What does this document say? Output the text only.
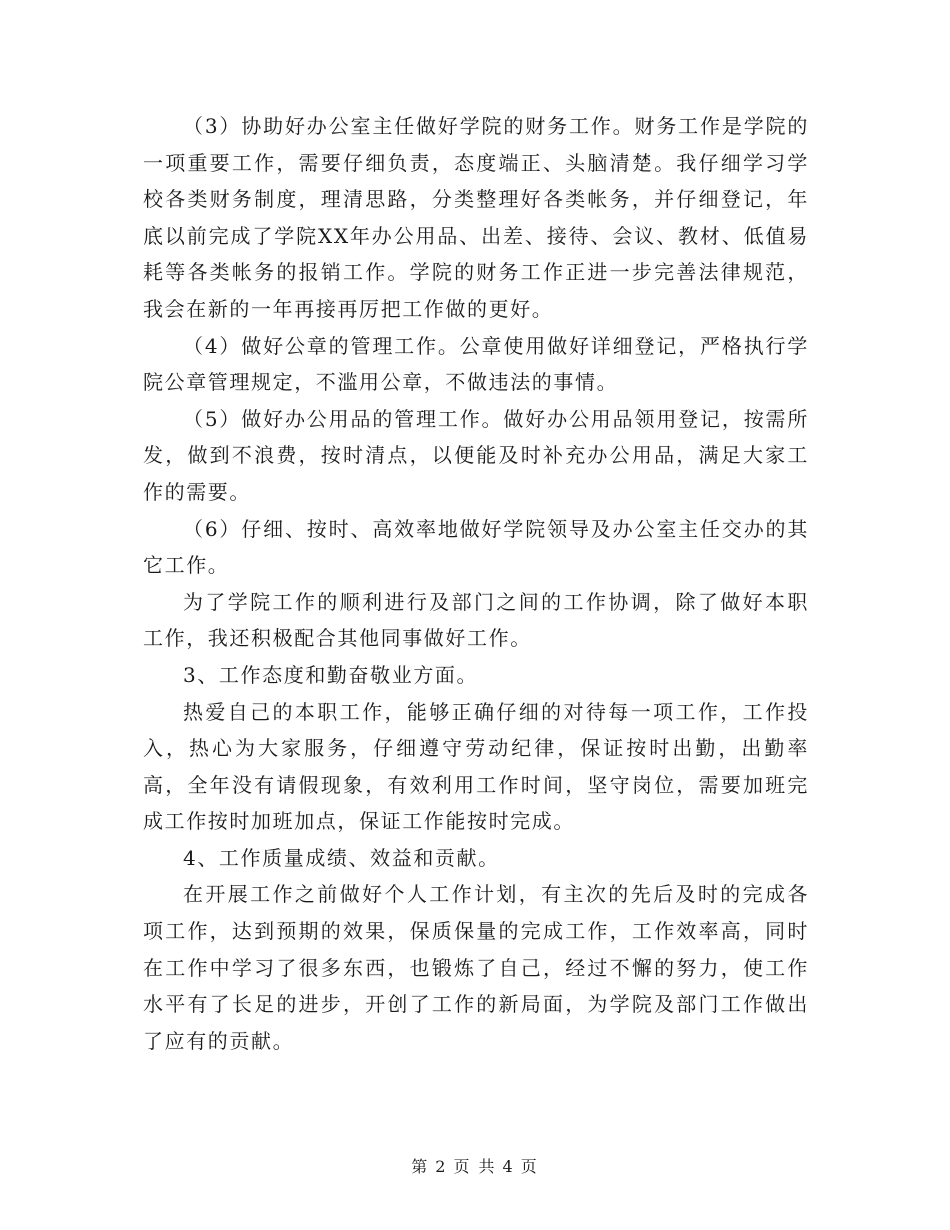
（3）协助好办公室主任做好学院的财务工作。财务工作是学院的一项重要工作，需要仔细负责，态度端正、头脑清楚。我仔细学习学校各类财务制度，理清思路，分类整理好各类帐务，并仔细登记，年底以前完成了学院XX年办公用品、出差、接待、会议、教材、低值易耗等各类帐务的报销工作。学院的财务工作正进一步完善法律规范，我会在新的一年再接再厉把工作做的更好。

（4）做好公章的管理工作。公章使用做好详细登记，严格执行学院公章管理规定，不滥用公章，不做违法的事情。

（5）做好办公用品的管理工作。做好办公用品领用登记，按需所发，做到不浪费，按时清点，以便能及时补充办公用品，满足大家工作的需要。

（6）仔细、按时、高效率地做好学院领导及办公室主任交办的其它工作。

为了学院工作的顺利进行及部门之间的工作协调，除了做好本职工作，我还积极配合其他同事做好工作。

3、工作态度和勤奋敬业方面。

热爱自己的本职工作，能够正确仔细的对待每一项工作，工作投入，热心为大家服务，仔细遵守劳动纪律，保证按时出勤，出勤率高，全年没有请假现象，有效利用工作时间，坚守岗位，需要加班完成工作按时加班加点，保证工作能按时完成。

4、工作质量成绩、效益和贡献。

在开展工作之前做好个人工作计划，有主次的先后及时的完成各项工作，达到预期的效果，保质保量的完成工作，工作效率高，同时在工作中学习了很多东西，也锻炼了自己，经过不懈的努力，使工作水平有了长足的进步，开创了工作的新局面，为学院及部门工作做出了应有的贡献。

第 2 页 共 4 页
